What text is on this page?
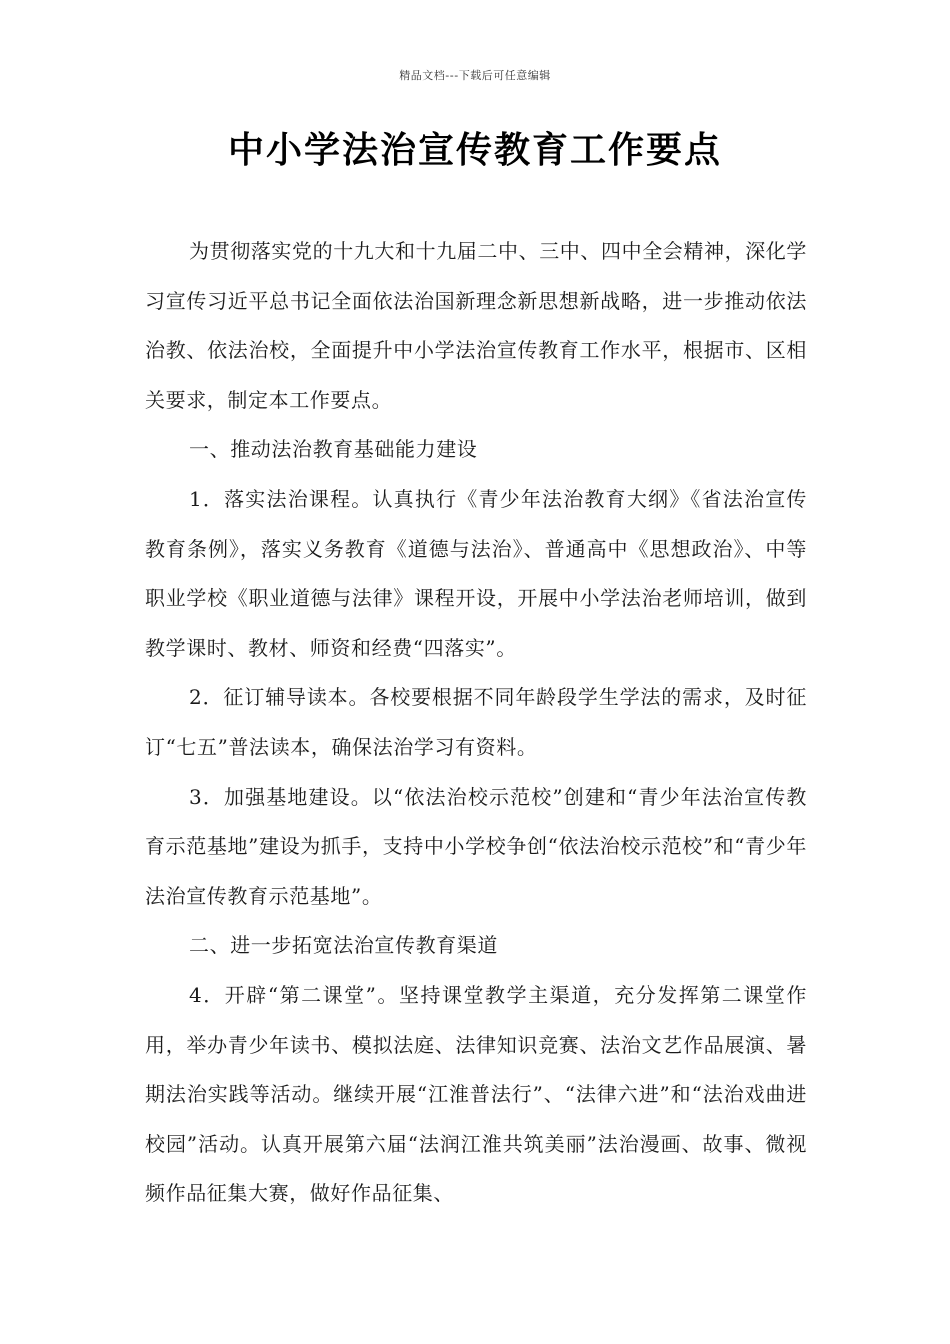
精品文档---下载后可任意编辑
中小学法治宣传教育工作要点

为贯彻落实党的十九大和十九届二中、三中、四中全会精神，深化学习宣传习近平总书记全面依法治国新理念新思想新战略，进一步推动依法治教、依法治校，全面提升中小学法治宣传教育工作水平，根据市、区相关要求，制定本工作要点。

一、推动法治教育基础能力建设

1．落实法治课程。认真执行《青少年法治教育大纲》《省法治宣传教育条例》，落实义务教育《道德与法治》、普通高中《思想政治》、中等职业学校《职业道德与法律》课程开设，开展中小学法治老师培训，做到教学课时、教材、师资和经费“四落实”。

2．征订辅导读本。各校要根据不同年龄段学生学法的需求，及时征订“七五”普法读本，确保法治学习有资料。

3．加强基地建设。以“依法治校示范校”创建和“青少年法治宣传教育示范基地”建设为抓手，支持中小学校争创“依法治校示范校”和“青少年法治宣传教育示范基地”。

二、进一步拓宽法治宣传教育渠道

4．开辟“第二课堂”。坚持课堂教学主渠道，充分发挥第二课堂作用，举办青少年读书、模拟法庭、法律知识竞赛、法治文艺作品展演、暑期法治实践等活动。继续开展“江淮普法行”、“法律六进”和“法治戏曲进校园”活动。认真开展第六届“法润江淮共筑美丽”法治漫画、故事、微视频作品征集大赛，做好作品征集、
